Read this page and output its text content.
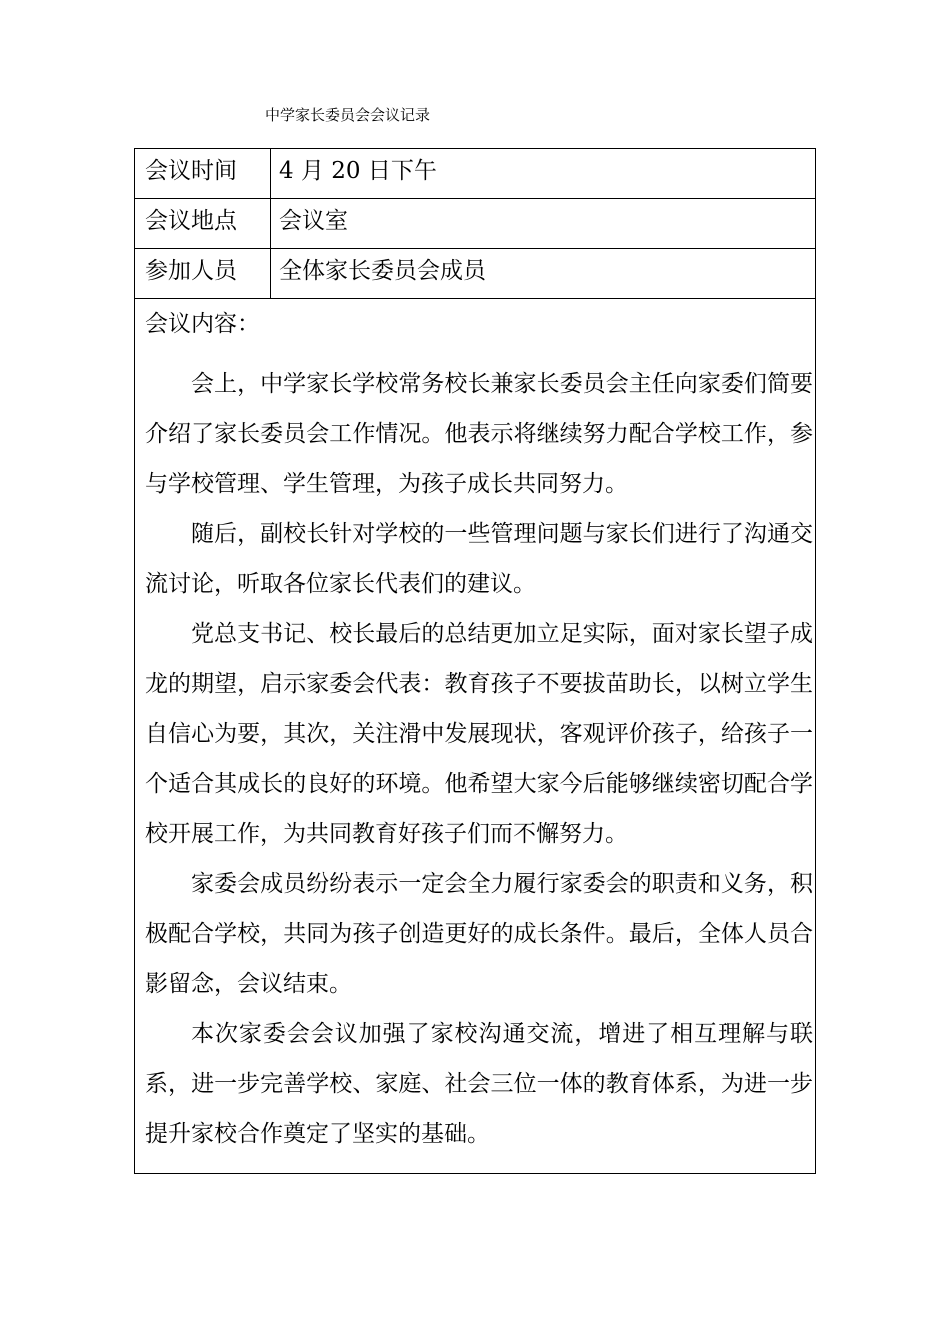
中学家长委员会会议记录
会议时间	4 月 20 日下午
会议地点	会议室
参加人员	全体家长委员会成员

会议内容：

会上，中学家长学校常务校长兼家长委员会主任向家委们简要介绍了家长委员会工作情况。他表示将继续努力配合学校工作，参与学校管理、学生管理，为孩子成长共同努力。

随后，副校长针对学校的一些管理问题与家长们进行了沟通交流讨论，听取各位家长代表们的建议。

党总支书记、校长最后的总结更加立足实际，面对家长望子成龙的期望，启示家委会代表：教育孩子不要拔苗助长，以树立学生自信心为要，其次，关注滑中发展现状，客观评价孩子，给孩子一个适合其成长的良好的环境。他希望大家今后能够继续密切配合学校开展工作，为共同教育好孩子们而不懈努力。

家委会成员纷纷表示一定会全力履行家委会的职责和义务，积极配合学校，共同为孩子创造更好的成长条件。最后，全体人员合影留念，会议结束。

本次家委会会议加强了家校沟通交流，增进了相互理解与联系，进一步完善学校、家庭、社会三位一体的教育体系，为进一步提升家校合作奠定了坚实的基础。
